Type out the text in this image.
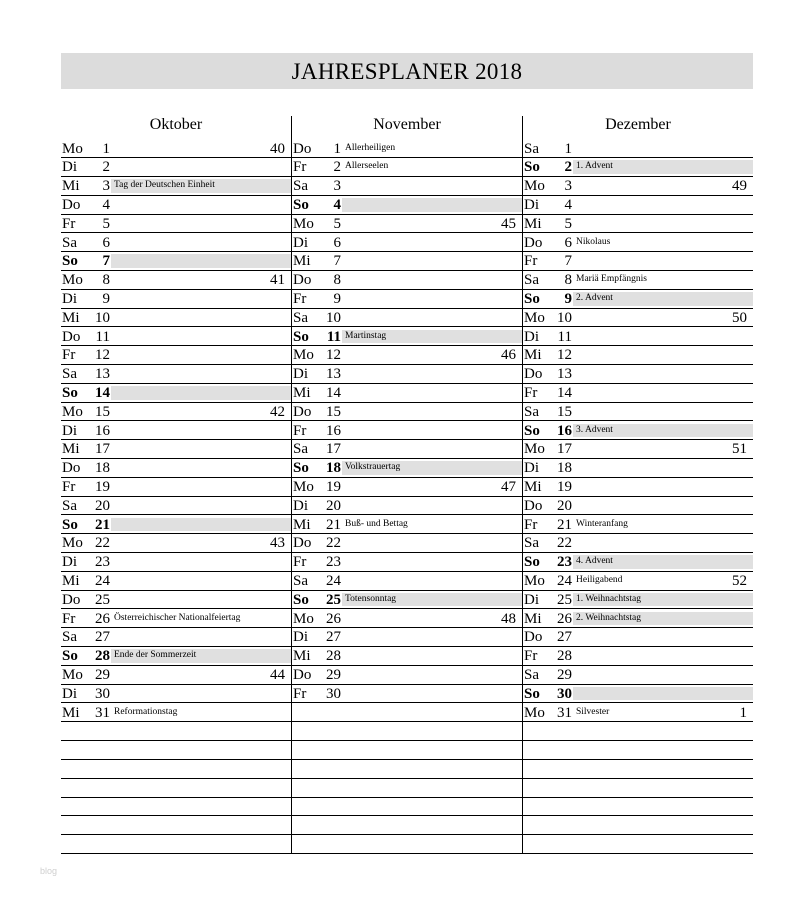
JAHRESPLANER 2018
Oktober
Mo	1	40
Di	2
Mi	3 Tag der Deutschen Einheit
Do	4
Fr	5
Sa	6
So	7
Mo	8	41
Di	9
Mi 10
Do 11
Fr 12
Sa 13
So 14
Mo 15	42
Di 16
Mi 17
Do 18
Fr 19
Sa 20
So 21
Mo 22	43
Di 23
Mi 24
Do 25
Fr 26 Österreichischer Nationalfeiertag
Sa 27
So 28 Ende der Sommerzeit
Mo 29	44
Di 30
Mi 31 Reformationstag
November
Do	1 Allerheiligen
Fr	2 Allerseelen
Sa	3
So	4
Mo	5	45
Di	6
Mi	7
Do	8
Fr	9
Sa 10
So 11 Martinstag
Mo 12	46
Di 13
Mi 14
Do 15
Fr 16
Sa 17
So 18 Volkstrauertag
Mo 19	47
Di 20
Mi 21 Buß- und Bettag
Do 22
Fr 23
Sa 24
So 25 Totensonntag
Mo 26	48
Di 27
Mi 28
Do 29
Fr 30
Dezember
Sa	1
So	2 1. Advent
Mo	3	49
Di	4
Mi	5
Do	6 Nikolaus
Fr	7
Sa	8 Mariä Empfängnis
So	9 2. Advent
Mo 10	50
Di 11
Mi 12
Do 13
Fr 14
Sa 15
So 16 3. Advent
Mo 17	51
Di 18
Mi 19
Do 20
Fr 21 Winteranfang
Sa 22
So 23 4. Advent
Mo 24 Heiligabend	52
Di 25 1. Weihnachtstag
Mi 26 2. Weihnachtstag
Do 27
Fr 28
Sa 29
So 30
Mo 31 Silvester	1
blog
